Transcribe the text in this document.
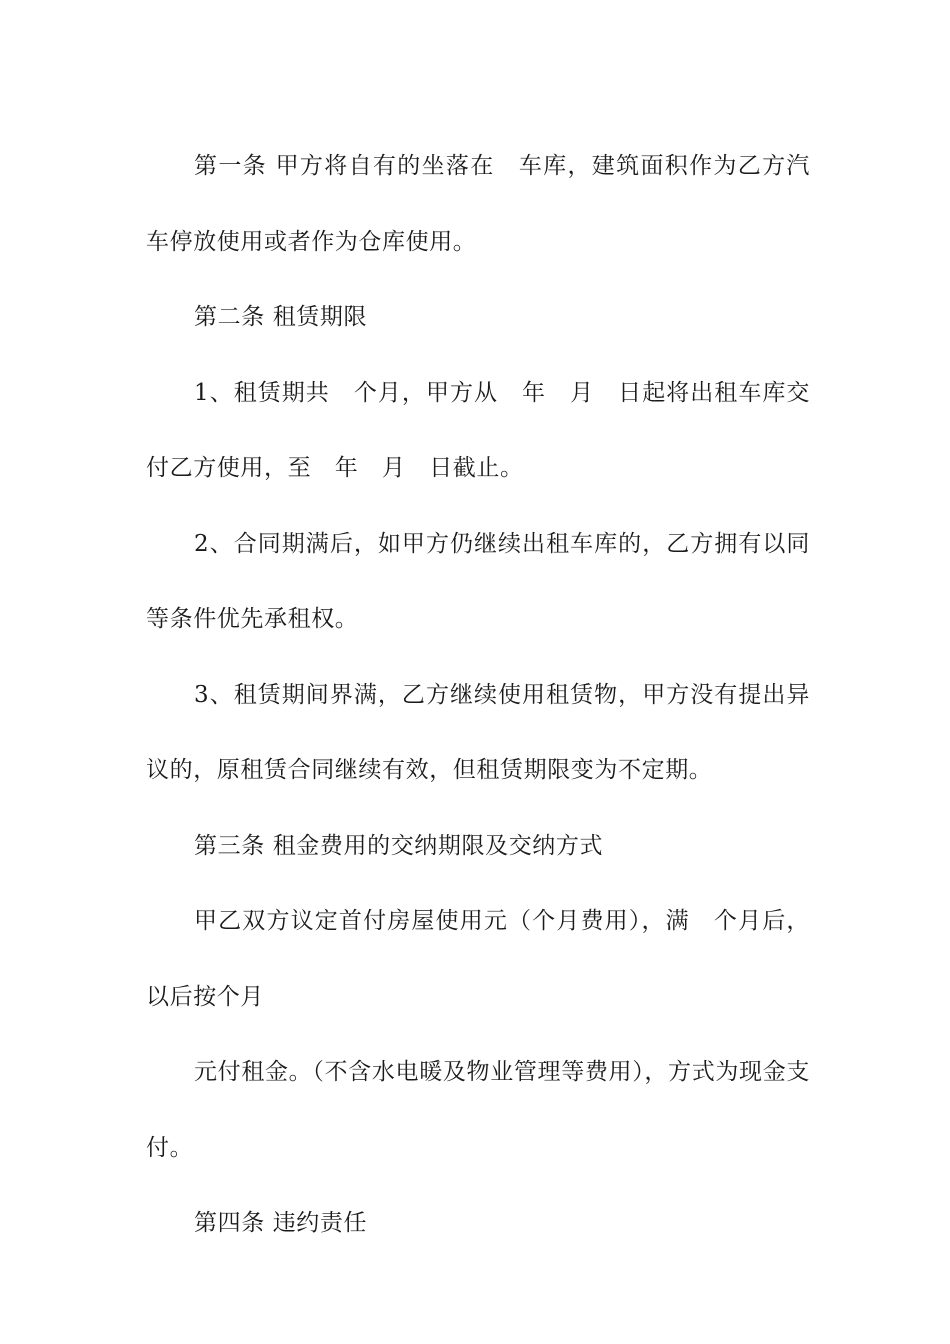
第一条 甲方将自有的坐落在　车库，建筑面积作为乙方汽车停放使用或者作为仓库使用。

第二条 租赁期限

1、租赁期共　个月，甲方从　年　月　日起将出租车库交付乙方使用，至　年　月　日截止。

2、合同期满后，如甲方仍继续出租车库的，乙方拥有以同等条件优先承租权。

3、租赁期间界满，乙方继续使用租赁物，甲方没有提出异议的，原租赁合同继续有效，但租赁期限变为不定期。

第三条 租金费用的交纳期限及交纳方式

甲乙双方议定首付房屋使用元（个月费用），满　个月后，以后按个月

元付租金。（不含水电暖及物业管理等费用），方式为现金支付。

第四条 违约责任
